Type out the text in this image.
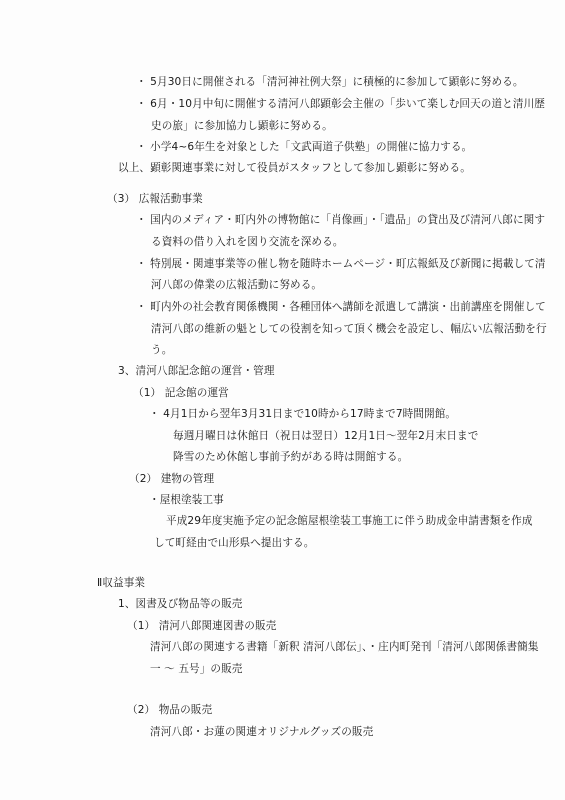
・ 5月30日に開催される「清河神社例大祭」に積極的に参加して顕彰に努める。
・ 6月・10月中旬に開催する清河八郎顕彰会主催の「歩いて楽しむ回天の道と清川歴
史の旅」に参加協力し顕彰に努める。
・ 小学4~6年生を対象とした「文武両道子供塾」の開催に協力する。
以上、顕彰関連事業に対して役員がスタッフとして参加し顕彰に努める。
（3） 広報活動事業
・ 国内のメディア・町内外の博物館に「肖像画」・「遺品」の貸出及び清河八郎に関す
る資料の借り入れを図り交流を深める。
・ 特別展・関連事業等の催し物を随時ホームページ・町広報紙及び新聞に掲載して清
河八郎の偉業の広報活動に努める。
・ 町内外の社会教育関係機関・各種団体へ講師を派遣して講演・出前講座を開催して
清河八郎の維新の魁としての役割を知って頂く機会を設定し、幅広い広報活動を行
う。
3、清河八郎記念館の運営・管理
（1） 記念館の運営
・ 4月1日から翌年3月31日まで10時から17時まで7時間開館。
毎週月曜日は休館日（祝日は翌日）12月1日～翌年2月末日まで
降雪のため休館し事前予約がある時は開館する。
（2） 建物の管理
・屋根塗装工事
平成29年度実施予定の記念館屋根塗装工事施工に伴う助成金申請書類を作成
して町経由で山形県へ提出する。
Ⅱ収益事業
1、図書及び物品等の販売
（1） 清河八郎関連図書の販売
清河八郎の関連する書籍「新釈 清河八郎伝」、・庄内町発刊「清河八郎関係書簡集
一 ～ 五号」の販売
（2） 物品の販売
清河八郎・お蓮の関連オリジナルグッズの販売
